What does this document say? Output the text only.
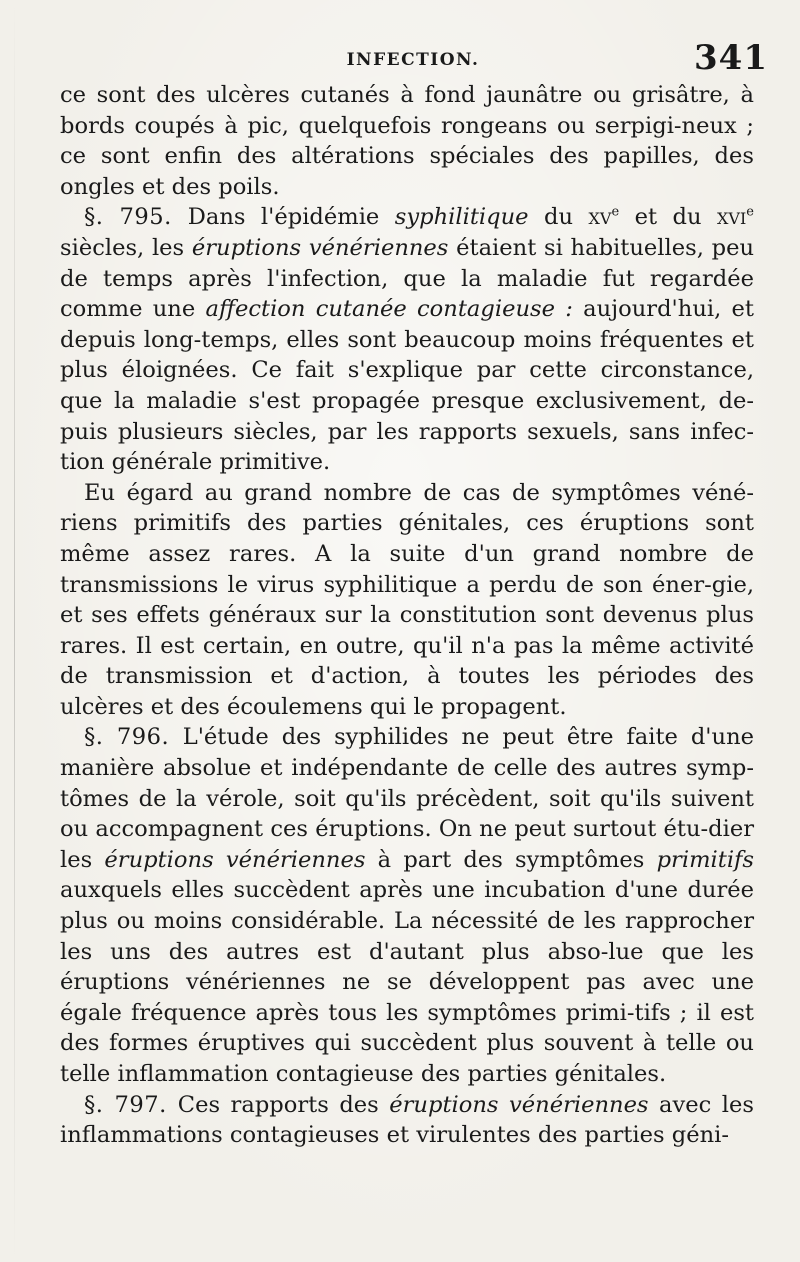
INFECTION.	341

ce sont des ulcères cutanés à fond jaunâtre ou grisâtre, à bords coupés à pic, quelquefois rongeans ou serpigi-neux ; ce sont enfin des altérations spéciales des papilles, des ongles et des poils.

§. 795. Dans l'épidémie syphilitique du $xv^e$ et du xvi$^e$ siècles, les éruptions vénériennes étaient si habituelles, peu de temps après l'infection, que la maladie fut regardée comme une affection cutanée contagieuse : aujourd'hui, et depuis long-temps, elles sont beaucoup moins fréquentes et plus éloignées. Ce fait s'explique par cette circonstance, que la maladie s'est propagée presque exclusivement, de-puis plusieurs siècles, par les rapports sexuels, sans infec-tion générale primitive.

Eu égard au grand nombre de cas de symptômes véné-riens primitifs des parties génitales, ces éruptions sont même assez rares. A la suite d'un grand nombre de transmissions le virus syphilitique a perdu de son éner-gie, et ses effets généraux sur la constitution sont devenus plus rares. Il est certain, en outre, qu'il n'a pas la même activité de transmission et d'action, à toutes les périodes des ulcères et des écoulemens qui le propagent.

§. 796. L'étude des syphilides ne peut être faite d'une manière absolue et indépendante de celle des autres symp-tômes de la vérole, soit qu'ils précèdent, soit qu'ils suivent ou accompagnent ces éruptions. On ne peut surtout étu-dier les éruptions vénériennes à part des symptômes primitifs auxquels elles succèdent après une incubation d'une durée plus ou moins considérable. La nécessité de les rapprocher les uns des autres est d'autant plus abso-lue que les éruptions vénériennes ne se développent pas avec une égale fréquence après tous les symptômes primi-tifs ; il est des formes éruptives qui succèdent plus souvent à telle ou telle inflammation contagieuse des parties génitales.

§. 797. Ces rapports des éruptions vénériennes avec les inflammations contagieuses et virulentes des parties géni-
